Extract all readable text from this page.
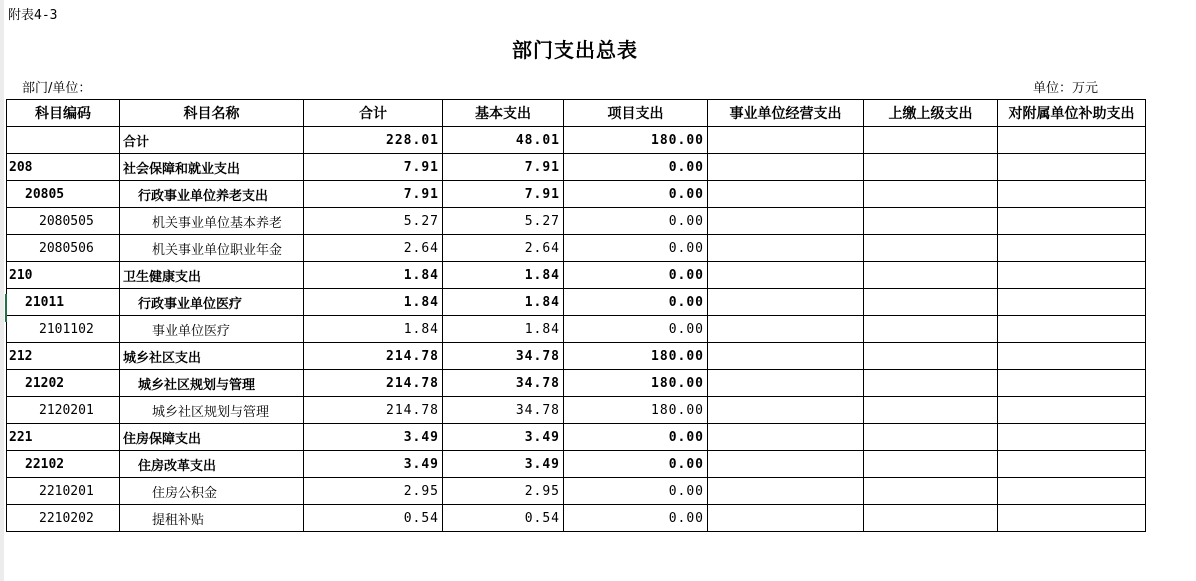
附表4-3
部门支出总表
部门/单位：	单位：万元
科目编码	科目名称	合计	基本支出	项目支出	事业单位经营支出	上缴上级支出	对附属单位补助支出
	合计	228.01	48.01	180.00			
208	社会保障和就业支出	7.91	7.91	0.00			
20805	行政事业单位养老支出	7.91	7.91	0.00			
2080505	机关事业单位基本养老	5.27	5.27	0.00			
2080506	机关事业单位职业年金	2.64	2.64	0.00			
210	卫生健康支出	1.84	1.84	0.00			
21011	行政事业单位医疗	1.84	1.84	0.00			
2101102	事业单位医疗	1.84	1.84	0.00			
212	城乡社区支出	214.78	34.78	180.00			
21202	城乡社区规划与管理	214.78	34.78	180.00			
2120201	城乡社区规划与管理	214.78	34.78	180.00			
221	住房保障支出	3.49	3.49	0.00			
22102	住房改革支出	3.49	3.49	0.00			
2210201	住房公积金	2.95	2.95	0.00			
2210202	提租补贴	0.54	0.54	0.00			
